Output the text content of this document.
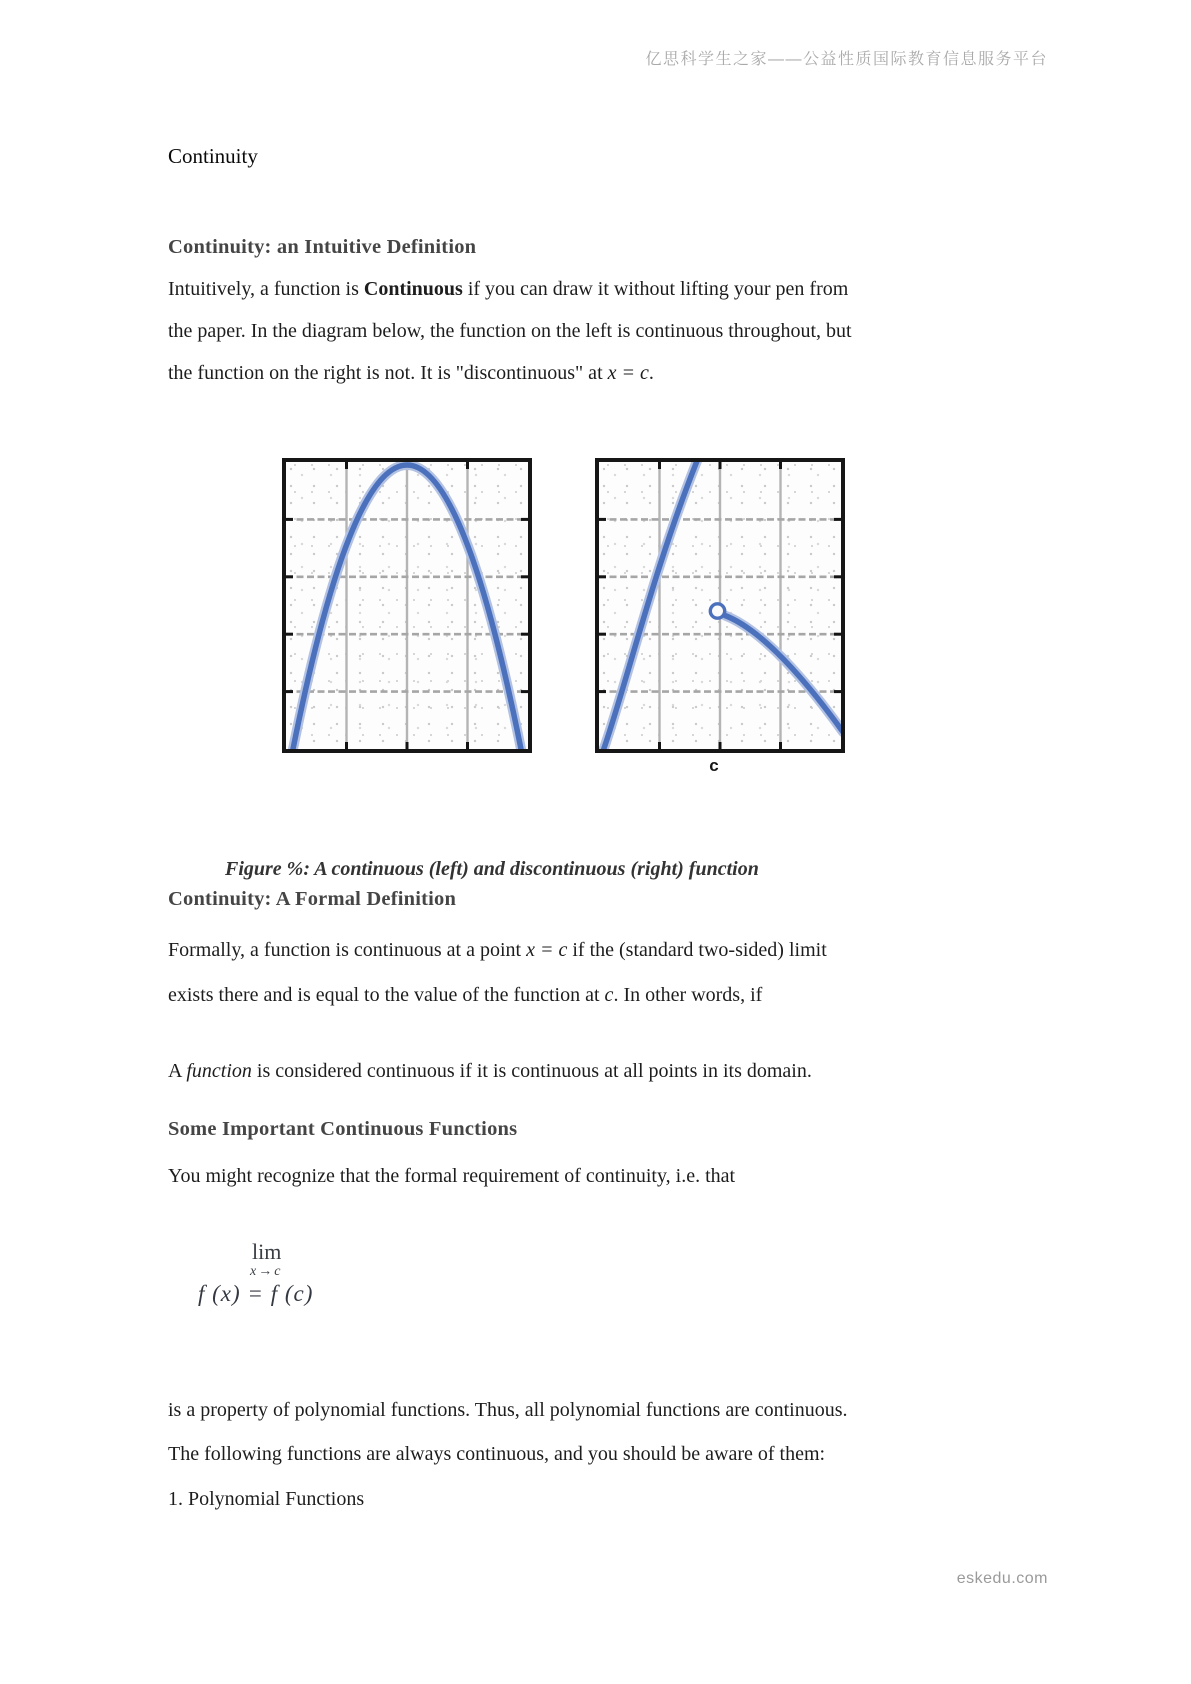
亿思科学生之家——公益性质国际教育信息服务平台
Continuity
Continuity: an Intuitive Definition
Intuitively, a function is Continuous if you can draw it without lifting your pen from
the paper. In the diagram below, the function on the left is continuous throughout, but
the function on the right is not. It is "discontinuous" at x = c.
c
Figure %: A continuous (left) and discontinuous (right) function
Continuity: A Formal Definition
Formally, a function is continuous at a point x = c if the (standard two-sided) limit
exists there and is equal to the value of the function at c. In other words, if
A function is considered continuous if it is continuous at all points in its domain.
Some Important Continuous Functions
You might recognize that the formal requirement of continuity, i.e. that
lim
x→c
f (x) = f (c)
is a property of polynomial functions. Thus, all polynomial functions are continuous.
The following functions are always continuous, and you should be aware of them:
1. Polynomial Functions
eskedu.com
